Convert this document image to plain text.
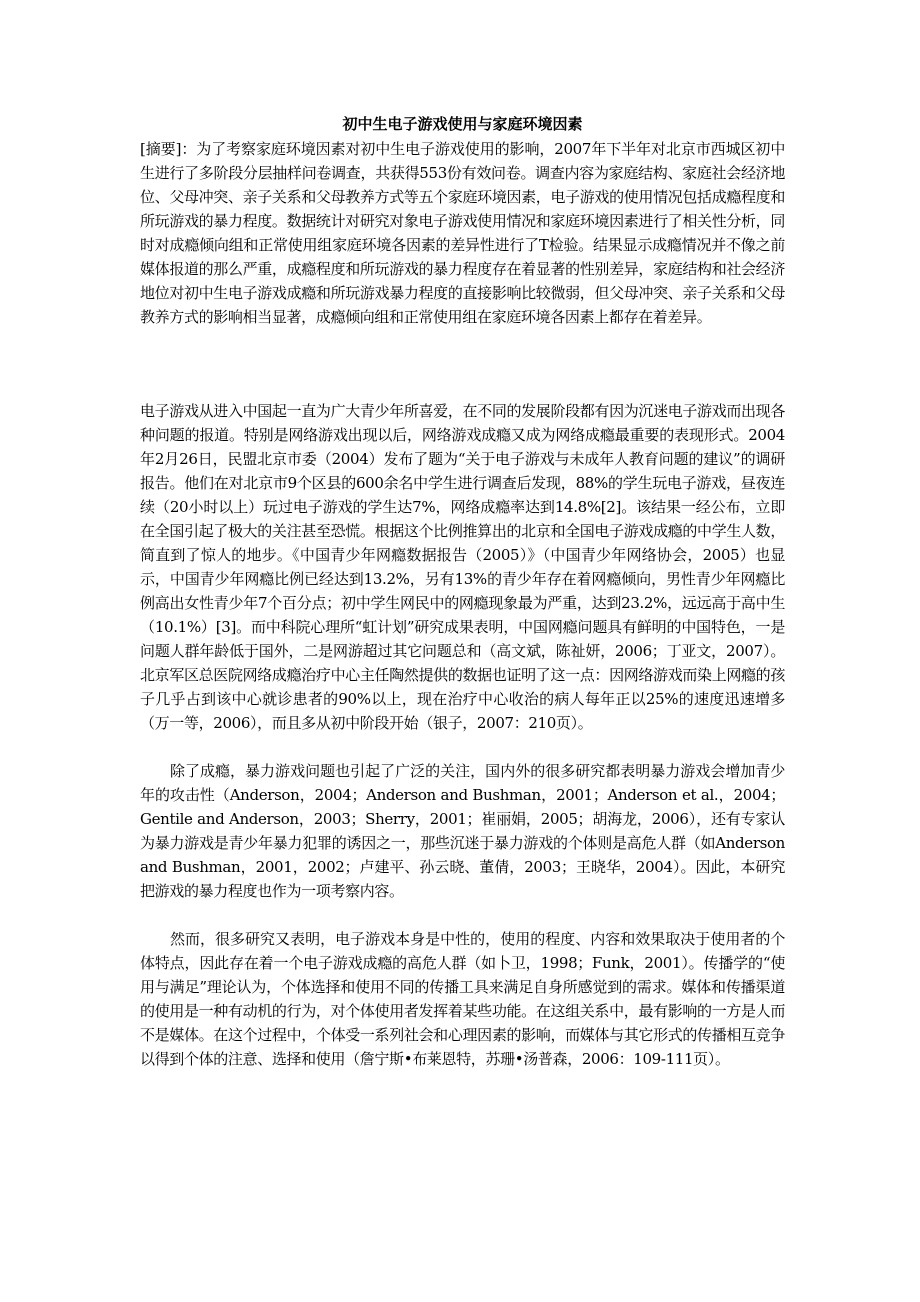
初中生电子游戏使用与家庭环境因素

[摘要]：为了考察家庭环境因素对初中生电子游戏使用的影响，2007年下半年对北京市西城区初中生进行了多阶段分层抽样问卷调查，共获得553份有效问卷。调查内容为家庭结构、家庭社会经济地位、父母冲突、亲子关系和父母教养方式等五个家庭环境因素，电子游戏的使用情况包括成瘾程度和所玩游戏的暴力程度。数据统计对研究对象电子游戏使用情况和家庭环境因素进行了相关性分析，同时对成瘾倾向组和正常使用组家庭环境各因素的差异性进行了T检验。结果显示成瘾情况并不像之前媒体报道的那么严重，成瘾程度和所玩游戏的暴力程度存在着显著的性别差异，家庭结构和社会经济地位对初中生电子游戏成瘾和所玩游戏暴力程度的直接影响比较微弱，但父母冲突、亲子关系和父母教养方式的影响相当显著，成瘾倾向组和正常使用组在家庭环境各因素上都存在着差异。

电子游戏从进入中国起一直为广大青少年所喜爱，在不同的发展阶段都有因为沉迷电子游戏而出现各种问题的报道。特别是网络游戏出现以后，网络游戏成瘾又成为网络成瘾最重要的表现形式。2004年2月26日，民盟北京市委（2004）发布了题为“关于电子游戏与未成年人教育问题的建议”的调研报告。他们在对北京市9个区县的600余名中学生进行调查后发现，88%的学生玩电子游戏，昼夜连续（20小时以上）玩过电子游戏的学生达7%，网络成瘾率达到14.8%[2]。该结果一经公布，立即在全国引起了极大的关注甚至恐慌。根据这个比例推算出的北京和全国电子游戏成瘾的中学生人数，简直到了惊人的地步。《中国青少年网瘾数据报告（2005）》（中国青少年网络协会，2005）也显示，中国青少年网瘾比例已经达到13.2%，另有13%的青少年存在着网瘾倾向，男性青少年网瘾比例高出女性青少年7个百分点；初中学生网民中的网瘾现象最为严重，达到23.2%，远远高于高中生（10.1%）[3]。而中科院心理所“虹计划”研究成果表明，中国网瘾问题具有鲜明的中国特色，一是问题人群年龄低于国外，二是网游超过其它问题总和（高文斌，陈祉妍，2006；丁亚文，2007）。北京军区总医院网络成瘾治疗中心主任陶然提供的数据也证明了这一点：因网络游戏而染上网瘾的孩子几乎占到该中心就诊患者的90%以上，现在治疗中心收治的病人每年正以25%的速度迅速增多（万一等，2006），而且多从初中阶段开始（银子，2007：210页）。

除了成瘾，暴力游戏问题也引起了广泛的关注，国内外的很多研究都表明暴力游戏会增加青少年的攻击性（Anderson，2004；Anderson and Bushman，2001；Anderson et al.，2004；Gentile and Anderson，2003；Sherry，2001；崔丽娟，2005；胡海龙，2006），还有专家认为暴力游戏是青少年暴力犯罪的诱因之一，那些沉迷于暴力游戏的个体则是高危人群（如Anderson and Bushman，2001，2002；卢建平、孙云晓、董倩，2003；王晓华，2004）。因此，本研究把游戏的暴力程度也作为一项考察内容。

然而，很多研究又表明，电子游戏本身是中性的，使用的程度、内容和效果取决于使用者的个体特点，因此存在着一个电子游戏成瘾的高危人群（如卜卫，1998；Funk，2001）。传播学的“使用与满足”理论认为，个体选择和使用不同的传播工具来满足自身所感觉到的需求。媒体和传播渠道的使用是一种有动机的行为，对个体使用者发挥着某些功能。在这组关系中，最有影响的一方是人而不是媒体。在这个过程中，个体受一系列社会和心理因素的影响，而媒体与其它形式的传播相互竞争以得到个体的注意、选择和使用（詹宁斯•布莱恩特，苏珊•汤普森，2006：109-111页）。
